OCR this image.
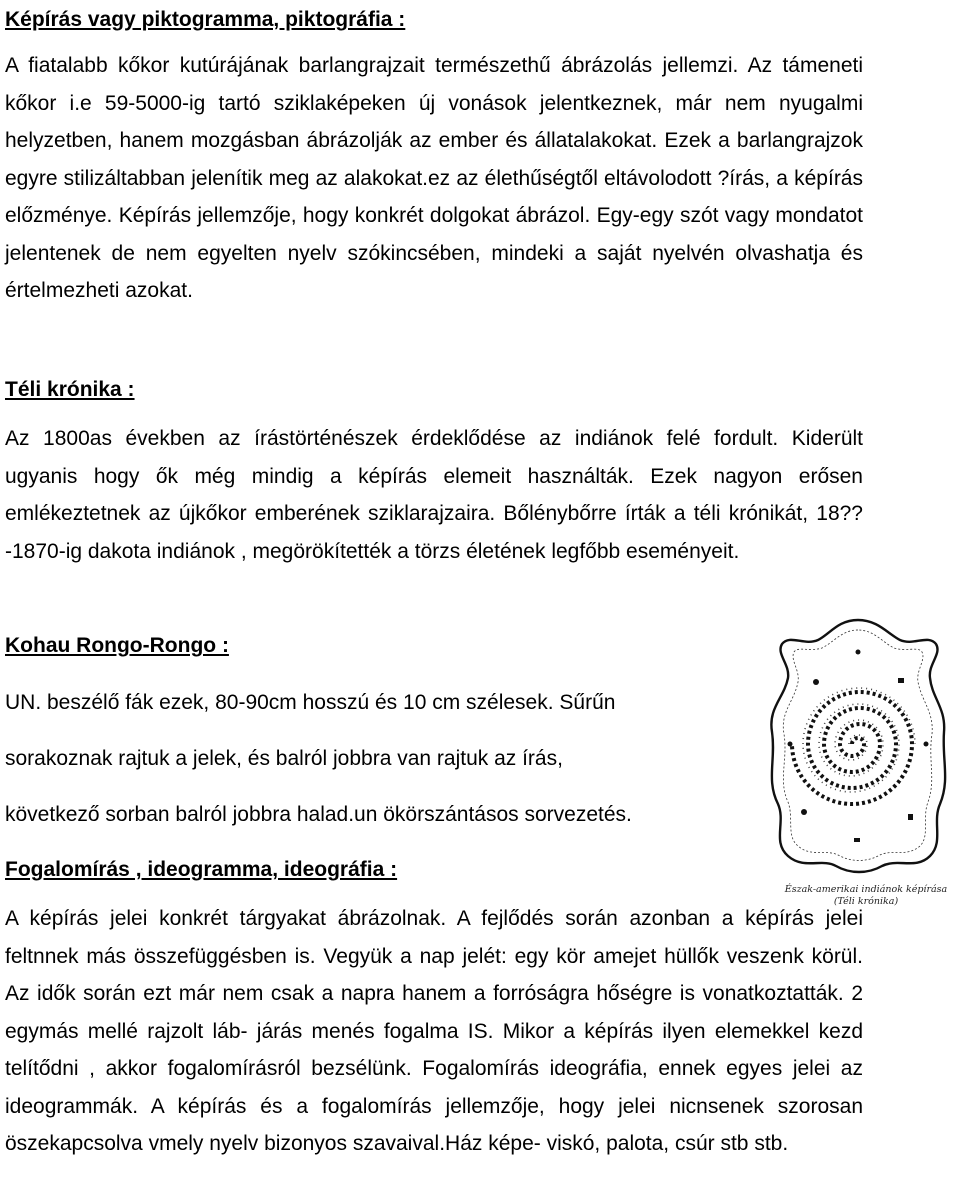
Képírás vagy piktogramma, piktográfia :
A fiatalabb kőkor kutúrájának barlangrajzait természethű ábrázolás jellemzi. Az támeneti kőkor i.e 59-5000-ig tartó sziklaképeken új vonások jelentkeznek, már nem nyugalmi helyzetben, hanem mozgásban ábrázolják az ember és állatalakokat. Ezek a barlangrajzok egyre stilizáltabban jelenítik meg az alakokat.ez az élethűségtől eltávolodott ?írás, a képírás előzménye. Képírás jellemzője, hogy konkrét dolgokat ábrázol. Egy-egy szót vagy mondatot jelentenek de nem egyelten nyelv szókincsében, mindeki a saját nyelvén olvashatja és értelmezheti azokat.
Téli krónika :
Az 1800as években az írástörténészek érdeklődése az indiánok felé fordult. Kiderült ugyanis hogy ők még mindig a képírás elemeit használták. Ezek nagyon erősen emlékeztetnek az újkőkor emberének sziklarajzaira. Bőlénybőrre írták a téli krónikát, 18??-1870-ig dakota indiánok , megörökítették a törzs életének legfőbb eseményeit.
Kohau Rongo-Rongo :
UN. beszélő fák ezek, 80-90cm hosszú és 10 cm szélesek. Sűrűn
sorakoznak rajtuk a jelek, és balról jobbra van rajtuk az írás,
következő sorban balról jobbra halad.un ökörszántásos sorvezetés.
Fogalomírás , ideogramma, ideográfia :
A képírás jelei konkrét tárgyakat ábrázolnak. A fejlődés során azonban a képírás jelei feltnnek más összefüggésben is. Vegyük a nap jelét: egy kör amejet hüllők veszenk körül. Az idők során ezt már nem csak a napra hanem a forróságra hőségre is vonatkoztatták. 2 egymás mellé rajzolt láb- járás menés fogalma IS. Mikor a képírás ilyen elemekkel kezd telítődni , akkor fogalomírásról bezsélünk. Fogalomírás ideográfia, ennek egyes jelei az ideogrammák. A képírás és a fogalomírás jellemzője, hogy jelei nicnsenek szorosan öszekapcsolva vmely nyelv bizonyos szavaival.Ház képe- viskó, palota, csúr stb stb.
Észak-amerikai indiánok képírása
(Téli krónika)
